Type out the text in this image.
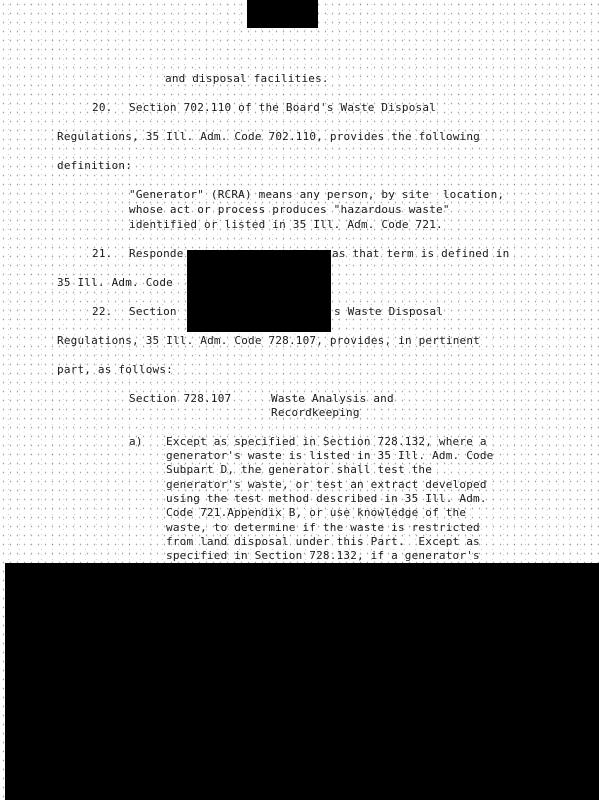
and disposal facilities.
20. Section 702.110 of the Board's Waste Disposal
Regulations, 35 Ill. Adm. Code 702.110, provides the following
definition:
"Generator" (RCRA) means any person, by site  location,
whose act or process produces "hazardous waste"
identified or listed in 35 Ill. Adm. Code 721.
21. Responde	as that term is defined in
35 Ill. Adm. Code
22. Section	s Waste Disposal
Regulations, 35 Ill. Adm. Code 728.107, provides, in pertinent
part, as follows:
Section 728.107	Waste Analysis and
Recordkeeping
a) Except as specified in Section 728.132, where a
generator's waste is listed in 35 Ill. Adm. Code
Subpart D, the generator shall test the
generator's waste, or test an extract developed
using the test method described in 35 Ill. Adm.
Code 721.Appendix B, or use knowledge of the
waste, to determine if the waste is restricted
from land disposal under this Part.  Except as
specified in Section 728.132, if a generator's
